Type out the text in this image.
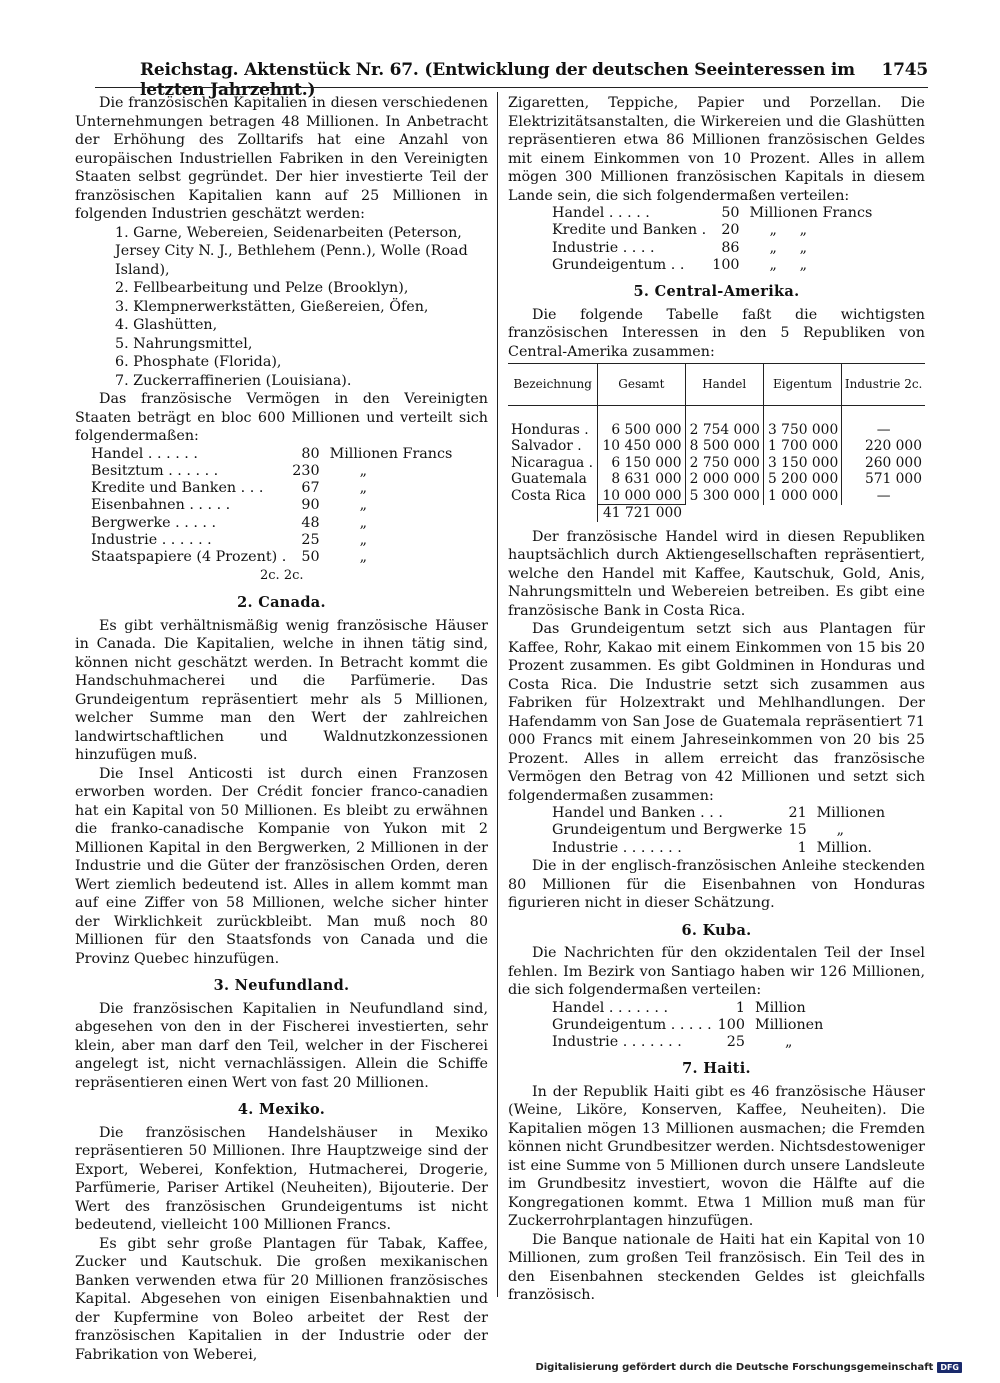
Reichstag. Aktenstück Nr. 67. (Entwicklung der deutschen Seeinteressen im letzten Jahrzehnt.)
1745

Die französischen Kapitalien in diesen verschiedenen Unternehmungen betragen 48 Millionen. In Anbetracht der Erhöhung des Zolltarifs hat eine Anzahl von europäischen Industriellen Fabriken in den Vereinigten Staaten selbst gegründet. Der hier investierte Teil der französischen Kapitalien kann auf 25 Millionen in folgenden Industrien geschätzt werden:

1. Garne, Webereien, Seidenarbeiten (Peterson, Jersey City N. J., Bethlehem (Penn.), Wolle (Road Island),
2. Fellbearbeitung und Pelze (Brooklyn),
3. Klempnerwerkstätten, Gießereien, Öfen,
4. Glashütten,
5. Nahrungsmittel,
6. Phosphate (Florida),
7. Zuckerraffinerien (Louisiana).

Das französische Vermögen in den Vereinigten Staaten beträgt en bloc 600 Millionen und verteilt sich folgendermaßen:

Handel . . . . . .	80	Millionen Francs
Besitztum . . . . . .	230	„
Kredite und Banken . . .	67	„
Eisenbahnen . . . . .	90	„
Bergwerke . . . . .	48	„
Industrie . . . . . .	25	„
Staatspapiere (4 Prozent) .	50	„
2c. 2c.
2. Canada.

Es gibt verhältnismäßig wenig französische Häuser in Canada. Die Kapitalien, welche in ihnen tätig sind, können nicht geschätzt werden. In Betracht kommt die Handschuhmacherei und die Parfümerie. Das Grundeigentum repräsentiert mehr als 5 Millionen, welcher Summe man den Wert der zahlreichen landwirtschaftlichen und Waldnutzkonzessionen hinzufügen muß.

Die Insel Anticosti ist durch einen Franzosen erworben worden. Der Crédit foncier franco-canadien hat ein Kapital von 50 Millionen. Es bleibt zu erwähnen die franko-canadische Kompanie von Yukon mit 2 Millionen Kapital in den Bergwerken, 2 Millionen in der Industrie und die Güter der französischen Orden, deren Wert ziemlich bedeutend ist. Alles in allem kommt man auf eine Ziffer von 58 Millionen, welche sicher hinter der Wirklichkeit zurückbleibt. Man muß noch 80 Millionen für den Staatsfonds von Canada und die Provinz Quebec hinzufügen.

3. Neufundland.

Die französischen Kapitalien in Neufundland sind, abgesehen von den in der Fischerei investierten, sehr klein, aber man darf den Teil, welcher in der Fischerei angelegt ist, nicht vernachlässigen. Allein die Schiffe repräsentieren einen Wert von fast 20 Millionen.

4. Mexiko.

Die französischen Handelshäuser in Mexiko repräsentieren 50 Millionen. Ihre Hauptzweige sind der Export, Weberei, Konfektion, Hutmacherei, Drogerie, Parfümerie, Pariser Artikel (Neuheiten), Bijouterie. Der Wert des französischen Grundeigentums ist nicht bedeutend, vielleicht 100 Millionen Francs.

Es gibt sehr große Plantagen für Tabak, Kaffee, Zucker und Kautschuk. Die großen mexikanischen Banken verwenden etwa für 20 Millionen französisches Kapital. Abgesehen von einigen Eisenbahnaktien und der Kupfermine von Boleo arbeitet der Rest der französischen Kapitalien in der Industrie oder der Fabrikation von Weberei,

Zigaretten, Teppiche, Papier und Porzellan. Die Elektrizitätsanstalten, die Wirkereien und die Glashütten repräsentieren etwa 86 Millionen französischen Geldes mit einem Einkommen von 10 Prozent. Alles in allem mögen 300 Millionen französischen Kapitals in diesem Lande sein, die sich folgendermaßen verteilen:

Handel . . . . .	50	Millionen Francs
Kredite und Banken .	20	„     „
Industrie . . . .	86	„     „
Grundeigentum . .	100	„     „
5. Central-Amerika.

Die folgende Tabelle faßt die wichtigsten französischen Interessen in den 5 Republiken von Central-Amerika zusammen:

Bezeichnung	Gesamt	Handel	Eigentum	Industrie 2c.

Honduras .	6 500 000	2 754 000	3 750 000	—
Salvador .	10 450 000	8 500 000	1 700 000	220 000
Nicaragua .	6 150 000	2 750 000	3 150 000	260 000
Guatemala	8 631 000	2 000 000	5 200 000	571 000
Costa Rica	10 000 000	5 300 000	1 000 000	—
	41 721 000			

Der französische Handel wird in diesen Republiken hauptsächlich durch Aktiengesellschaften repräsentiert, welche den Handel mit Kaffee, Kautschuk, Gold, Anis, Nahrungsmitteln und Webereien betreiben. Es gibt eine französische Bank in Costa Rica.

Das Grundeigentum setzt sich aus Plantagen für Kaffee, Rohr, Kakao mit einem Einkommen von 15 bis 20 Prozent zusammen. Es gibt Goldminen in Honduras und Costa Rica. Die Industrie setzt sich zusammen aus Fabriken für Holzextrakt und Mehlhandlungen. Der Hafendamm von San Jose de Guatemala repräsentiert 71 000 Francs mit einem Jahreseinkommen von 20 bis 25 Prozent. Alles in allem erreicht das französische Vermögen den Betrag von 42 Millionen und setzt sich folgendermaßen zusammen:

Handel und Banken . . .	21	Millionen
Grundeigentum und Bergwerke	15	„
Industrie . . . . . . .	1	Million.

Die in der englisch-französischen Anleihe steckenden 80 Millionen für die Eisenbahnen von Honduras figurieren nicht in dieser Schätzung.

6. Kuba.

Die Nachrichten für den okzidentalen Teil der Insel fehlen. Im Bezirk von Santiago haben wir 126 Millionen, die sich folgendermaßen verteilen:

Handel . . . . . . .	1	Million
Grundeigentum . . . . .	100	Millionen
Industrie . . . . . . .	25	„
7. Haiti.

In der Republik Haiti gibt es 46 französische Häuser (Weine, Liköre, Konserven, Kaffee, Neuheiten). Die Kapitalien mögen 13 Millionen ausmachen; die Fremden können nicht Grundbesitzer werden. Nichtsdestoweniger ist eine Summe von 5 Millionen durch unsere Landsleute im Grundbesitz investiert, wovon die Hälfte auf die Kongregationen kommt. Etwa 1 Million muß man für Zuckerrohrplantagen hinzufügen.

Die Banque nationale de Haiti hat ein Kapital von 10 Millionen, zum großen Teil französisch. Ein Teil des in den Eisenbahnen steckenden Geldes ist gleichfalls französisch.

Digitalisierung gefördert durch die Deutsche Forschungsgemeinschaft DFG
